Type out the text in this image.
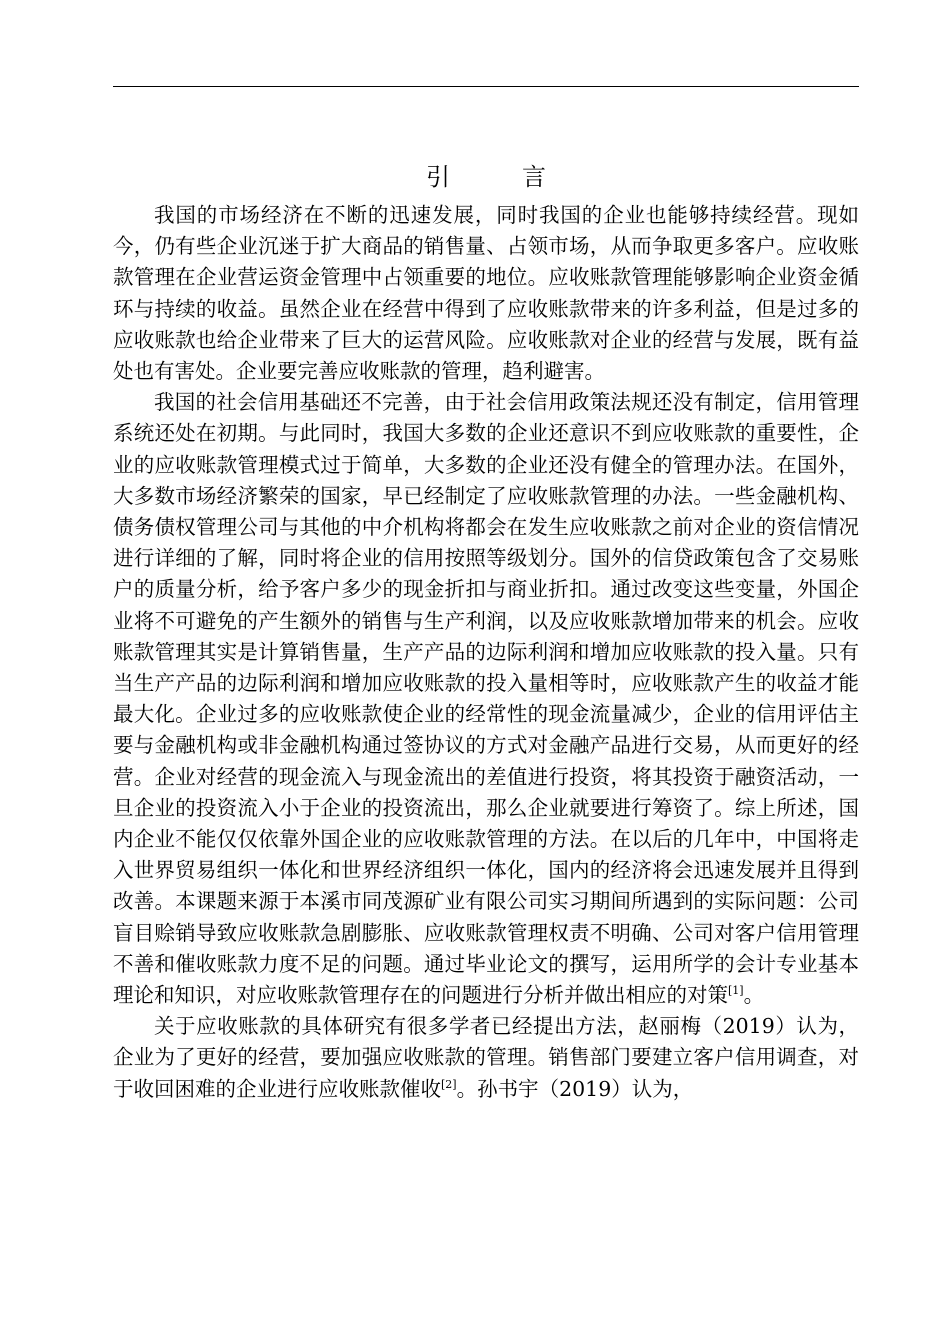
引　言

我国的市场经济在不断的迅速发展，同时我国的企业也能够持续经营。现如今，仍有些企业沉迷于扩大商品的销售量、占领市场，从而争取更多客户。应收账款管理在企业营运资金管理中占领重要的地位。应收账款管理能够影响企业资金循环与持续的收益。虽然企业在经营中得到了应收账款带来的许多利益，但是过多的应收账款也给企业带来了巨大的运营风险。应收账款对企业的经营与发展，既有益处也有害处。企业要完善应收账款的管理，趋利避害。

我国的社会信用基础还不完善，由于社会信用政策法规还没有制定，信用管理系统还处在初期。与此同时，我国大多数的企业还意识不到应收账款的重要性，企业的应收账款管理模式过于简单，大多数的企业还没有健全的管理办法。在国外，大多数市场经济繁荣的国家，早已经制定了应收账款管理的办法。一些金融机构、债务债权管理公司与其他的中介机构将都会在发生应收账款之前对企业的资信情况进行详细的了解，同时将企业的信用按照等级划分。国外的信贷政策包含了交易账户的质量分析，给予客户多少的现金折扣与商业折扣。通过改变这些变量，外国企业将不可避免的产生额外的销售与生产利润，以及应收账款增加带来的机会。应收账款管理其实是计算销售量，生产产品的边际利润和增加应收账款的投入量。只有当生产产品的边际利润和增加应收账款的投入量相等时，应收账款产生的收益才能最大化。企业过多的应收账款使企业的经常性的现金流量减少，企业的信用评估主要与金融机构或非金融机构通过签协议的方式对金融产品进行交易，从而更好的经营。企业对经营的现金流入与现金流出的差值进行投资，将其投资于融资活动，一旦企业的投资流入小于企业的投资流出，那么企业就要进行筹资了。综上所述，国内企业不能仅仅依靠外国企业的应收账款管理的方法。在以后的几年中，中国将走入世界贸易组织一体化和世界经济组织一体化，国内的经济将会迅速发展并且得到改善。本课题来源于本溪市同茂源矿业有限公司实习期间所遇到的实际问题：公司盲目赊销导致应收账款急剧膨胀、应收账款管理权责不明确、公司对客户信用管理不善和催收账款力度不足的问题。通过毕业论文的撰写，运用所学的会计专业基本理论和知识，对应收账款管理存在的问题进行分析并做出相应的对策[1]。

关于应收账款的具体研究有很多学者已经提出方法，赵丽梅（2019）认为，企业为了更好的经营，要加强应收账款的管理。销售部门要建立客户信用调查，对于收回困难的企业进行应收账款催收[2]。孙书宇（2019）认为，
